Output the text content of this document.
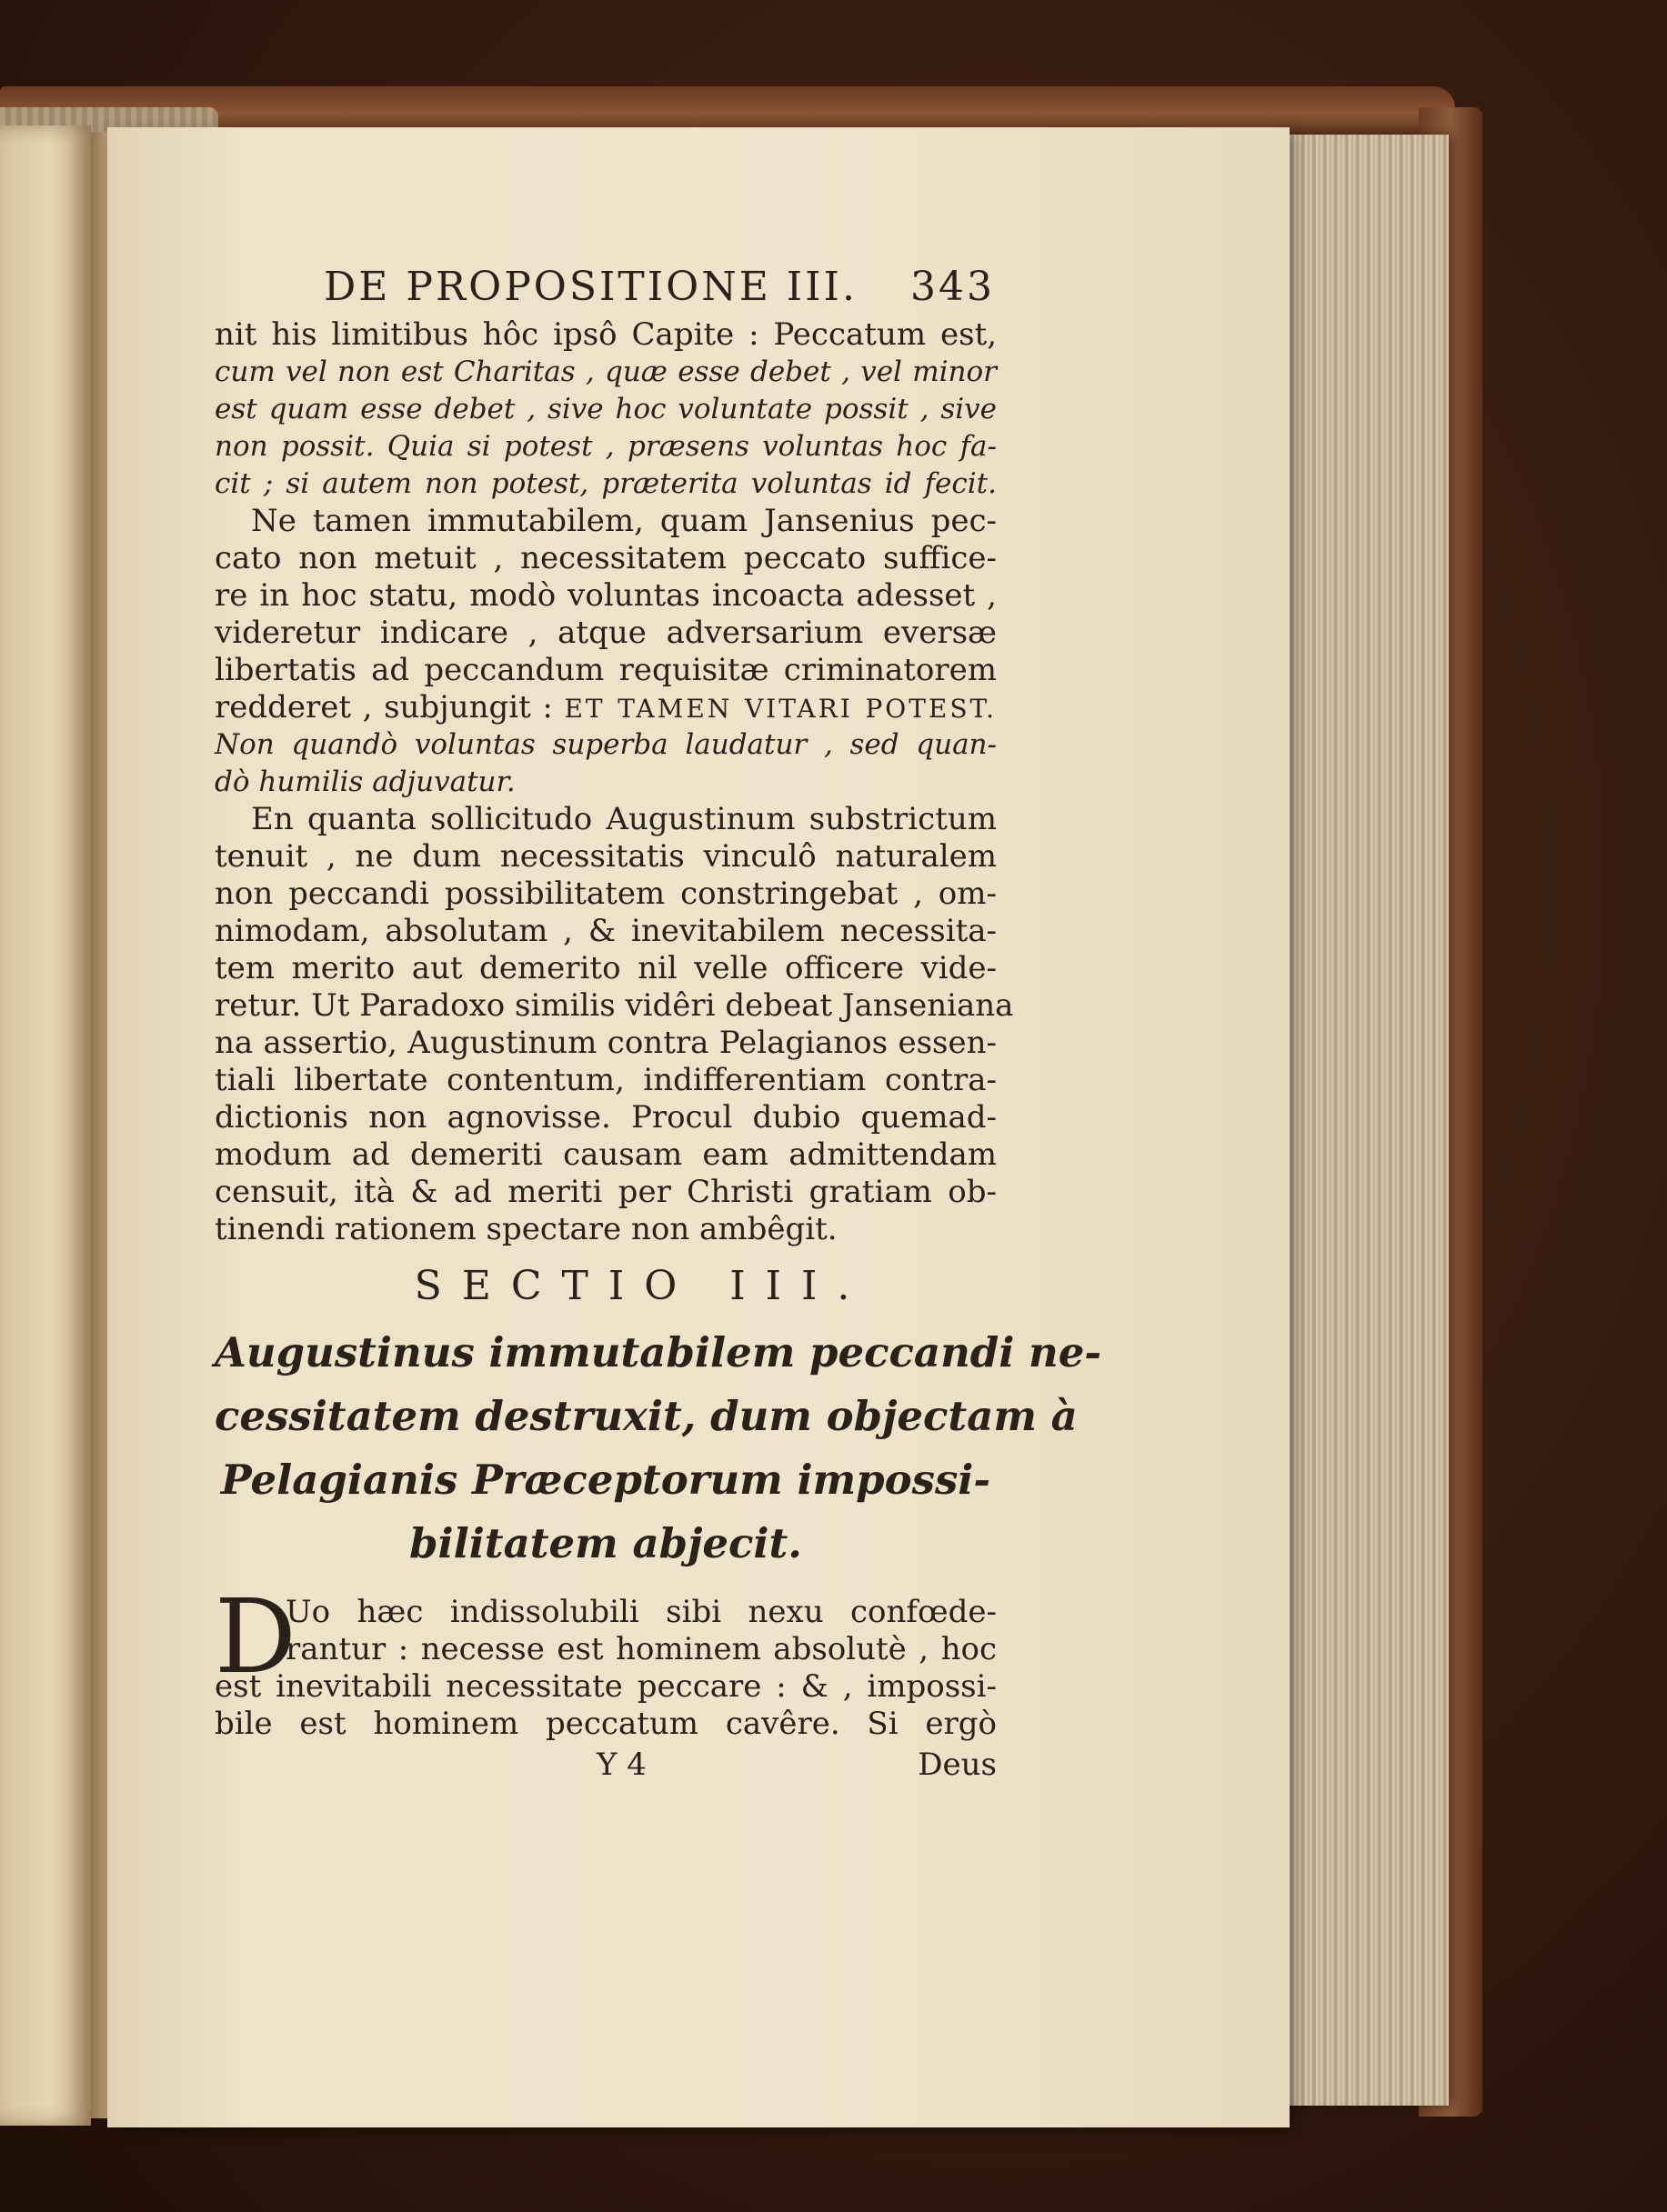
DE PROPOSITIONE III. 343
nit his limitibus hôc ipsô Capite : Peccatum est,
cum vel non est Charitas , quæ esse debet , vel minor
est quam esse debet , sive hoc voluntate possit , sive
non possit. Quia si potest , præsens voluntas hoc fa-
cit ; si autem non potest, præterita voluntas id fecit.
Ne tamen immutabilem, quam Jansenius pec-
cato non metuit , necessitatem peccato suffice-
re in hoc statu, modò voluntas incoacta adesset ,
videretur indicare , atque adversarium eversæ
libertatis ad peccandum requisitæ criminatorem
redderet , subjungit : ET TAMEN VITARI POTEST.
Non quandò voluntas superba laudatur , sed quan-
dò humilis adjuvatur.
En quanta sollicitudo Augustinum substrictum
tenuit , ne dum necessitatis vinculô naturalem
non peccandi possibilitatem constringebat , om-
nimodam, absolutam , & inevitabilem necessita-
tem merito aut demerito nil velle officere vide-
retur. Ut Paradoxo similis vidêri debeat Janseniana
na assertio, Augustinum contra Pelagianos essen-
tiali libertate contentum, indifferentiam contra-
dictionis non agnovisse. Procul dubio quemad-
modum ad demeriti causam eam admittendam
censuit, ità & ad meriti per Christi gratiam ob-
tinendi rationem spectare non ambêgit.
SECTIO III.
Augustinus immutabilem peccandi ne-
cessitatem destruxit, dum objectam à
Pelagianis Præceptorum impossi-
bilitatem abjecit.
D
Uo hæc indissolubili sibi nexu confœde-
rantur : necesse est hominem absolutè , hoc
est inevitabili necessitate peccare : & , impossi-
bile est hominem peccatum cavêre. Si ergò
Y 4	Deus
